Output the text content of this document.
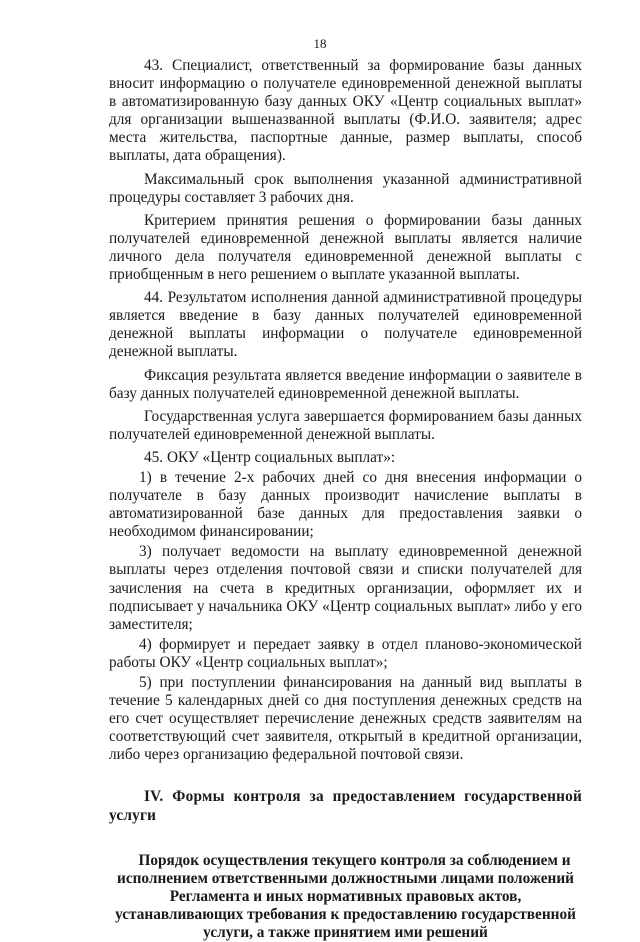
18

43. Специалист, ответственный за формирование базы данных вносит информацию о получателе единовременной денежной выплаты в автоматизированную базу данных ОКУ «Центр социальных выплат» для организации вышеназванной выплаты (Ф.И.О. заявителя; адрес места жительства, паспортные данные, размер выплаты, способ выплаты, дата обращения).

Максимальный срок выполнения указанной административной процедуры составляет 3 рабочих дня.

Критерием принятия решения о формировании базы данных получателей единовременной денежной выплаты является наличие личного дела получателя единовременной денежной выплаты с приобщенным в него решением о выплате указанной выплаты.

44. Результатом исполнения данной административной процедуры является введение в базу данных получателей единовременной денежной выплаты информации о получателе единовременной денежной выплаты.

Фиксация результата является введение информации о заявителе в базу данных получателей единовременной денежной выплаты.

Государственная услуга завершается формированием базы данных получателей единовременной денежной выплаты.

45. ОКУ «Центр социальных выплат»:

1) в течение 2-х рабочих дней со дня внесения информации о получателе в базу данных производит начисление выплаты в автоматизированной базе данных для предоставления заявки о необходимом финансировании;

3) получает ведомости на выплату единовременной денежной выплаты через отделения почтовой связи и списки получателей для зачисления на счета в кредитных организации, оформляет их и подписывает у начальника ОКУ «Центр социальных выплат» либо у его заместителя;

4) формирует и передает заявку в отдел планово-экономической работы ОКУ «Центр социальных выплат»;

5) при поступлении финансирования на данный вид выплаты в течение 5 календарных дней со дня поступления денежных средств на его счет осуществляет перечисление денежных средств заявителям на соответствующий счет заявителя, открытый в кредитной организации, либо через организацию федеральной почтовой связи.

IV. Формы контроля за предоставлением государственной услуги

Порядок осуществления текущего контроля за соблюдением и исполнением ответственными должностными лицами положений Регламента и иных нормативных правовых актов, устанавливающих требования к предоставлению государственной услуги, а также принятием ими решений
